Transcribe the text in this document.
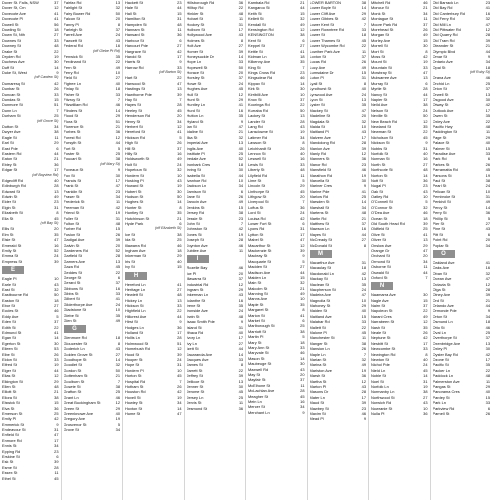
Dover St. Falls, NSW	37
Dover St, Crn	12
Dovecote Ave	41
Dovecote Pl	41
Dowell St	56
Dowling St	18
Down St, Nth	27
Downes St	33
Downey St	48
Drake St	22
Dryden Rd	19
Duchess Ave	30
Duff St	14
Duke St, West	9
(off Cardew St)
Dumaresq St	42
Dunbar St	26
Duncan St	33
Dundas St	15
Dunmore St	51
Dunn Ln	7
Durham St	25
(off Grove St)
Dutton St	34
Dwyer Ave	38
Eagle St	11
Earl St	29
East Pde	6
Eastern Rd	44
Eaton St	21
Ebley St	36
Edgar St	17
(off Bayview Rd)
Edgecliff Rd	40
Edinburgh Rd	28
Edward St	13
Edwin St	49
Elder St	23
Elgin St	31
Elizabeth St	8
Ella St	45
(off Bay St)
Ellis St	20
Elm St	35
Elsie St	47
Emerald St	16
Emily St	52
Emma St	24
Empress St	39
E
Eagle Pl	10
Earle St	43
East St	32
Eastbourne Rd	50
Easton St	18
Ebor St	27
Eccles St	46
Eddy Ave	5
Eden St	37
Edith St	22
Edmund St	41
Egan St	14
Egerton St	30
Eileen St	53
Elbe St	26
Eldon St	33
Elfred St	19
Elger St	44
Elias St	12
Elkington St	29
Ellen St	48
Elliott St	21
Ellora St	38
Elswick St	15
Elva St	36
Emerson St	25
Emily Pl	42
Emmerick St	9
Endeavour St	31
Enfield St	47
Enmore Rd	17
Ennis St	34
Epping Rd	23
Erskine St	6
Esk St	39
Esme St	28
Essex St	11
Ethel St	45
Fairfax Rd	13
Fairlight St	32
Fairy Bower Rd	50
Falcon St	20
Fanny Pl	8
Farleigh St	37
Farrell Ave	24
Fawcett St	43
Federal Rd	16
(off Glebe Pt Rd)
Fenwick St	35
Ferdinand St	22
Fern St	49
Ferry Rd	10
Field St	27
Figtree Ln	40
Finlay St	18
Fisher St	33
Fitzroy St	7
Fitzwilliam Rd	46
Flinders St	14
Flood St	29
Flora St	51
Florence St	21
Forbes St	36
Forest Rd	12
Forsyth St	44
Fort St	5
Foster St	25
Foucart St	38
(off Mary St)
Foveaux St	9
Fox St	30
Francis St	17
Frank St	47
Franklin St	23
Fraser St	34
Frederick St	11
Freeman St	42
Friend St	19
Fuller St	31
Fulton St	48
Furber Rd	15
Fusion St	26
Gadigal Ave	39
Galvin St	20
Gardeners Rd	52
Garfield St	28
Garners Ave	13
Gaza Rd	45
Geddes St	22
George St	6
Gerard St	37
Gibbons St	16
Gibbs St	33
Gilbert St	41
Gilderthorpe Ave	24
Gladstone St	10
Glebe St	35
Glen St	49
G
Glenmore Rd	18
Gloucester St	8
Goderich Ln	43
Golden Grove St	27
Goodhope St	14
Goodlet St	32
Gordon St	50
Gottenham St	21
Goulburn St	7
Gowrie St	38
Grafton St	25
Grant Ln	46
Great Buckingham St	12
Green St	29
Greenknowe Ave	40
Gregory Ave	19
Grosvenor St	5
Grove St	34
Hackett St	23
Hale St	44
Hall St	15
Hamilton St	31
Hampden St	48
Hannam St	11
Hansard St	36
Harbour St	6
Harcourt Pde	27
Hargrave St	42
Harold St	17
Harris St	9
Harrow Rd	33
(off Barton St)
Hart St	22
Harwood St	47
Hastings St	13
Hawthorne Pde	39
Hay St	7
Hayes St	28
Heeley St	45
Henderson Rd	20
Henry St	34
Herbert St	12
Hereford St	41
Hickson Rd	5
High St	26
Hill St	37
Hilly St	16
Holdsworth St	49
Holt St	24
Hopetoun St	32
Hordern St	10
Hosking Pl	43
Howard St	19
Hubert St	30
Hudson St	50
Hughes St	14
Hunter St	8
Huntley St	35
Hutchinson St	21
Hyde Park	6
(off Elizabeth St)
Ice St	38
Ida St	25
Illawarra Rd	46
Ingham Ave	18
Inkerman St	29
Iris St	40
Ivy St	15
H
Hereford Ln	41
Heritage Ln	27
Hewlett St	48
Hickey Ln	13
Hickson St	33
Highfield Ln	22
Hillcrest Ave	44
Hirst St	9
Hodges Ln	36
Holland St	17
Hollis Ln	28
Holmwood St	51
Homebush Rd	12
Hood St	39
Hooper St	24
Hope St	31
Hordern Pl	10
Horton St	45
Hospital Rd	7
Hotham St	26
Houston Rd	42
Hovell St	19
Howley St	34
Hoxton St	14
Hume St	47
Hillsborough Rd	36
Hilltop Rd	22
Hinkler St	48
Hobart St	11
Hockey St	31
Holborn St	17
Hollywood Ave	43
Holmes St	8
Holt Ave	27
Homer St	39
Honeysuckle Dr	14
Hope Ln	33
Hopewell St	50
Horace St	20
Horsley St	37
Howe St	24
Hughes Ave	45
Hull St	12
Hunt St	29
Huntley Ln	41
Hurd St	16
Hutton Ln	35
Hyland St	9
Ian St	47
Idaline St	21
Ilka St	32
Imperial Ave	13
Inglis Ave	40
Institute Pl	25
Iredale Ave	52
Ironbark Cres	18
Irving St	30
Isabella St	44
Ivanhoe Rd	10
Jackson Ln	34
Jamison St	6
Jane St	26
Jarocin Ave	49
Jenkins St	15
Jersey Rd	38
Jessie St	23
John St	7
Johnston St	42
Jones St	19
Joseph St	28
Joynton Ave	46
Jubilee Ave	11
I
Rozelle Bay	46
Ice Pl	20
Illawarra St	37
Industrial Rd	12
Ingram St	29
Inkerman Ln	43
Iolanthe St	16
Irene St	35
Ironside Ave	24
Irwin St	48
Isaac Smith Pde	9
Island St	31
Ithaca Rd	40
Ivory Ln	17
Ivy Ln	27
Izett St	44
Jacaranda Ave	14
Jacques Ave	33
James St	8
Jarrett St	22
Jeffrey St	39
Jellicoe St	13
Jenner St	30
Jerome St	45
Jersey Ln	25
Jervis St	11
Jesmond St	36
Kambala Rd	21
Kangaroo St	44
Keith St	15
Kellett St	32
Kendall St	49
Kensington Rd	12
KENSINGTON	38
Kent St	6
Keppel St	27
Kettle St	41
Kidman Ln	18
Kilkenny Ave	35
King St	7
Kings Cross Rd	23
Kingsclear Rd	46
Kippax St	14
Kirk St	30
Kirribilli Ave	10
Knox St	37
Kooringa Rd	22
Kurraba Rd	50
Lackey St	13
Lander St	28
Lang Rd	43
Lansdowne St	19
Latimer Rd	34
Lawson St	8
Leichhardt St	26
Lennox St	40
Leswell St	16
Lewis St	33
Liberty St	48
Lilyfield Rd	11
Lime St	5
Lincoln St	29
Linthorpe St	45
Lithgow St	20
Liverpool St	7
Loftus St	36
Lord St	24
Louisa Rd	42
Lower Fort St	6
Lyons Rd	31
Lytton St	17
Mabel St	47
Macarthur St	12
Mackenzie St	39
Macleay St	9
Macquarie St	5
Madden St	27
Madison Ave	44
Maiden Ln	15
Main St	32
Malcolm St	21
Manning St	49
Manns Ave	10
Maple St	35
Margaret St	8
Marion St	41
Market St	6
Marlborough St	25
Marriott St	38
Martin Pl	5
Mary St	18
Mary Ann St	33
Maryvale St	46
Mason St	14
Maubeuge St	30
Maxwell Rd	43
May St	20
Mayfair St	37
McElhone St	11
McLachlan Ave	28
Meagher St	45
Mein Ln	16
Mercer St	34
Merchant Ln	9
LOWER BARTON	38
Lower Boyle St	14
Lower Cliff Ave	29
Lower Gibbes St	42
Lower Kent St	7
Lower Rowntree Rd	33
Lower St	18
Lower Thames St	45
Lower Wycombe Rd	22
Lowther Park Ave	11
Loxton St	37
Lucas Rd	26
Lucy Ave	49
Lumsdaine Dr	15
Luton Pl	31
Lyall St	8
Lyndhurst St	40
Lynwood Ave	24
Lyon St	13
Lyster St	35
Mackey St	47
Madeline St	20
Magdala St	32
Maida St	10
Maitland Pl	43
Malvern Ave	17
Mandolong Rd	28
Manion Ave	39
Manly Rd	12
Manners St	36
Manor Rd	23
Mansfield St	46
Marathon Rd	19
Marcella St	30
Mariner Cres	9
Marine Pde	41
Marlow Rd	25
Marsden St	14
Marshall St	34
Martens St	48
Martin Rd	21
Matthew St	37
Mawson Ln	16
Mayes St	44
McCready St	27
McDonald St	8
M
Macarthur Ave	31
Macaulay St	18
Macdonald Ln	42
Mackay St	13
Maclean St	35
Macpherson St	24
Madeira Ave	47
Magnolia St	10
Mahoney St	29
Maiden St	40
Maitland Ave	15
Malabar Rd	33
Mallett St	22
Malone Pl	45
Manchester St	11
Manger St	38
Mansion Ln	26
Maple Ln	7
Marian St	32
Marina St	49
Marlston Ave	19
Marsh St	36
Martha St	12
Marton Pl	43
Masons Dr	28
Mater Ln	17
Maud St	39
Mawbey St	23
Maxim St	46
Mead Pl	9
Mitchell Rd	46
Moncur St	21
Monk St	34
Montague St	11
Moore Park Rd	37
Morehead St	26
Morgan St	49
Morley Ave	15
Morrell St	30
Mort St	8
Moss St	42
Mount St	19
Mountain St	33
Mowbray St	47
Mulwarree Ave	13
Murray St	6
Myrtle St	28
Nancy St	44
Napier St	17
Neild Ave	38
Nelson St	24
Neville St	50
New Beach Rd	12
Newland St	35
Newman St	22
Nicholson St	45
Nickson St	9
Nobbs St	31
Norfolk St	40
Norman St	16
North St	27
Northcote St	48
Norton St	14
Nott St	36
Nugal Pl	23
Oak St	43
Oatley Rd	10
O'Connell St	5
O'Connor St	32
O'Dea Ave	46
Ocean St	18
Old South Head Rd	39
Oldfield St	25
Olive St	41
Oliver St	13
Onslow Ave	29
Orange Gr	47
Orchard St	20
Ormond St	34
Osborne St	11
Oswald St	44
Oxford St	7
N
Naamarra Ave	30
Nagle Ave	15
Nairn St	37
Napoleon St	22
Narani Cres	49
Narrabeen St	12
Nash St	35
Neale St	26
Neptune St	42
Nesbitt St	17
Newcombe St	33
Newington Rd	8
Newton St	40
Nichol Pde	24
Nield Ln	45
Noble St	14
Noel St	31
Norfolk Ln	19
Normanby Ln	38
Northwood St	27
Norwich Rd	43
Nowranie St	10
Nulla Pl	36
Old Barrack Ln	23
Old Bay Rd	41
Old Canterbury Rd	16
Old Ferry Rd	32
Old Mill Ln	47
Old Pittwater Rd	12
Old Quarry Rd	28
Old Tram Rd	39
Oleander St	21
Olympic Blvd	44
Omar St	9
Ontario Ave	34
Opal St	18
(off Ruby St)
Orana Ave	46
Orchid Ln	25
Orion St	37
Orwell St	13
Osgood Ave	30
Otway St	42
Outlook Ave	17
Owen St	35
Oxley Ave	22
Pacific Hwy	48
Paddington St	11
Page St	29
Palace St	40
Palmer St	15
Paradise Ave	33
Park Rd	6
Parkes St	26
Parramatta Rd	45
Parsons St	19
Paul St	38
Pearl St	24
Pelican St	10
Pembroke St	31
Penkivil St	49
Percy St	14
Perry St	36
Phillip St	5
Pier St	27
Pine St	43
Pitt St	6
Point Rd	20
Poplar St	34
O
Oakland Ave	41
Oaks Ave	16
Oban St	32
Ocean Ave	47
Octavia St	12
Olga St	28
Olney Ave	39
Ord St	21
Orlando Ave	44
Ormonde Pde	9
Orton St	34
Osmund Ln	18
Otto St	46
Oval Ln	25
Overthorpe St	37
Oxenbridge Ave	13
Oxley Pl	30
Oyster Bay Rd	42
Ozone St	17
Pacific St	35
Packer Ln	22
Paddock Ln	48
Palmerston Ave	11
Pangas St	29
Panorama Cres	40
Pardey St	15
Park Ln	33
Parkview Rd	6
Parnell St	26
